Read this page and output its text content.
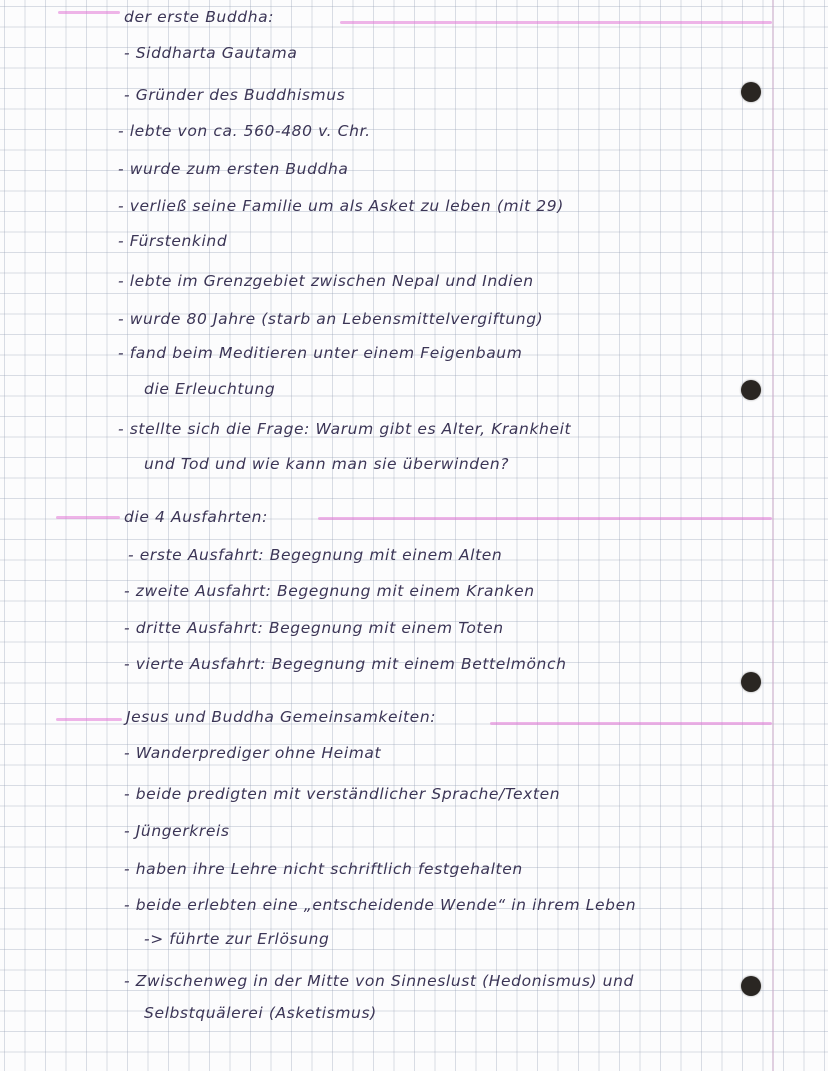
der erste Buddha:
- Siddharta Gautama
- Gründer des Buddhismus
- lebte von ca. 560-480 v. Chr.
- wurde zum ersten Buddha
- verließ seine Familie um als Asket zu leben (mit 29)
- Fürstenkind
- lebte im Grenzgebiet zwischen Nepal und Indien
- wurde 80 Jahre (starb an Lebensmittelvergiftung)
- fand beim Meditieren unter einem Feigenbaum
die Erleuchtung
- stellte sich die Frage: Warum gibt es Alter, Krankheit
und Tod und wie kann man sie überwinden?
die 4 Ausfahrten:
- erste Ausfahrt: Begegnung mit einem Alten
- zweite Ausfahrt: Begegnung mit einem Kranken
- dritte Ausfahrt: Begegnung mit einem Toten
- vierte Ausfahrt: Begegnung mit einem Bettelmönch
Jesus und Buddha Gemeinsamkeiten:
- Wanderprediger ohne Heimat
- beide predigten mit verständlicher Sprache/Texten
- Jüngerkreis
- haben ihre Lehre nicht schriftlich festgehalten
- beide erlebten eine „entscheidende Wende“ in ihrem Leben
-> führte zur Erlösung
- Zwischenweg in der Mitte von Sinneslust (Hedonismus) und
Selbstquälerei (Asketismus)
